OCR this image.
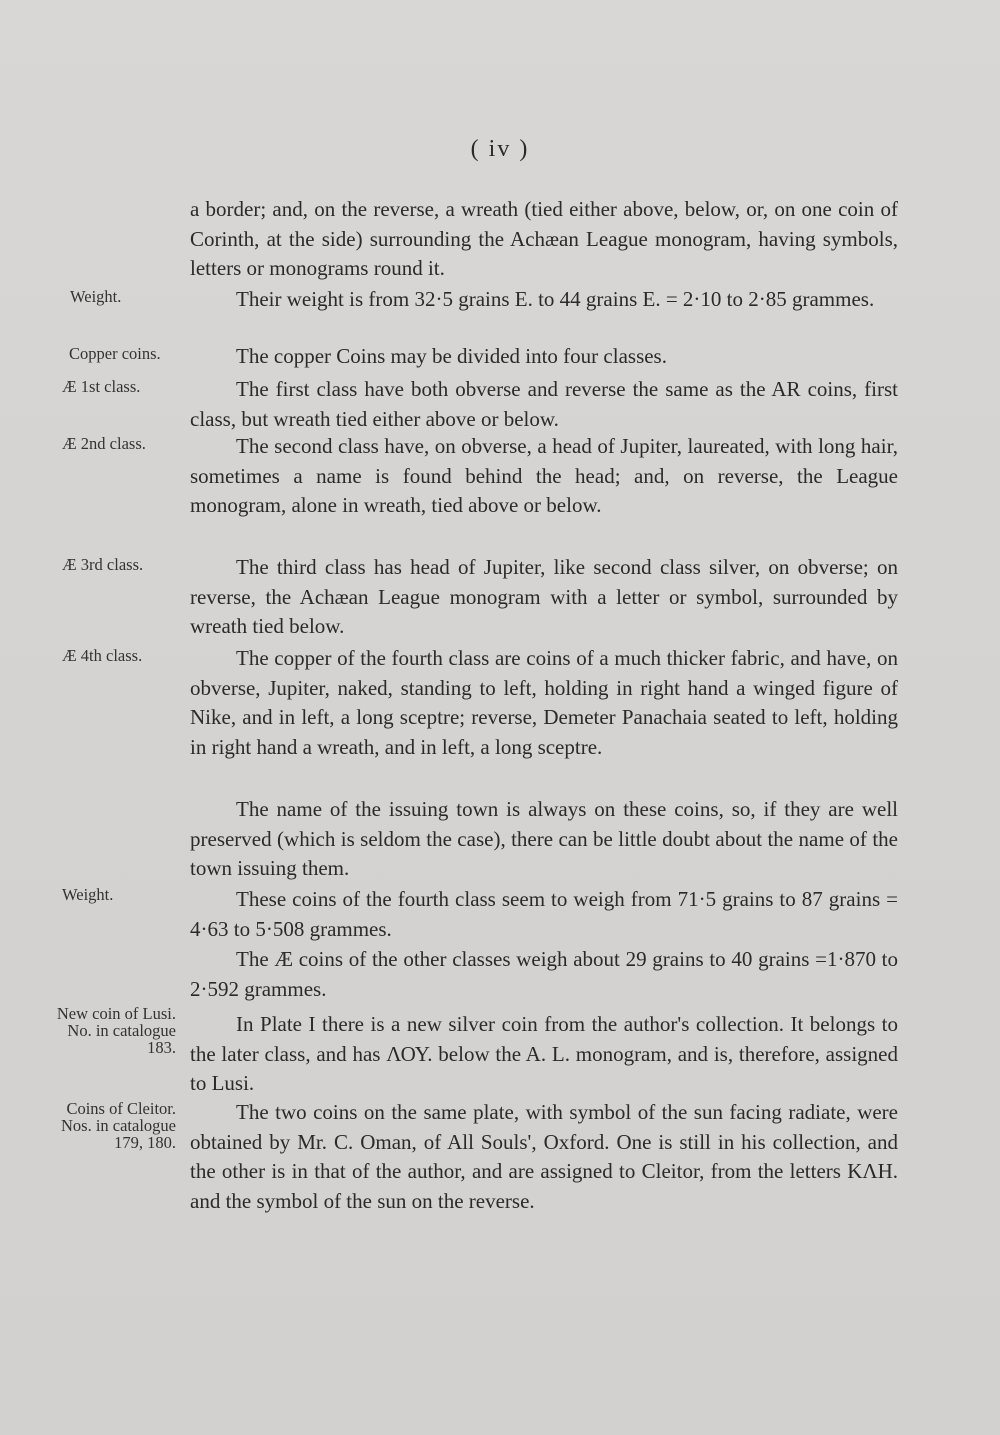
( iv )
Weight.
Copper coins.
Æ 1st class.
Æ 2nd class.
Æ 3rd class.
Æ 4th class.
Weight.
New coin of Lusi. No. in catalogue 183.
Coins of Cleitor. Nos. in catalogue 179, 180.

a border; and, on the reverse, a wreath (tied either above, below, or, on one coin of Corinth, at the side) surrounding the Achæan League monogram, having symbols, letters or monograms round it.

Their weight is from 32·5 grains E. to 44 grains E. = 2·10 to 2·85 grammes.

The copper Coins may be divided into four classes.

The first class have both obverse and reverse the same as the AR coins, first class, but wreath tied either above or below.

The second class have, on obverse, a head of Jupiter, laureated, with long hair, sometimes a name is found behind the head; and, on reverse, the League monogram, alone in wreath, tied above or below.

The third class has head of Jupiter, like second class silver, on obverse; on reverse, the Achæan League monogram with a letter or symbol, surrounded by wreath tied below.

The copper of the fourth class are coins of a much thicker fabric, and have, on obverse, Jupiter, naked, standing to left, holding in right hand a winged figure of Nike, and in left, a long sceptre; reverse, Demeter Panachaia seated to left, holding in right hand a wreath, and in left, a long sceptre.

The name of the issuing town is always on these coins, so, if they are well preserved (which is seldom the case), there can be little doubt about the name of the town issuing them.

These coins of the fourth class seem to weigh from 71·5 grains to 87 grains = 4·63 to 5·508 grammes.

The Æ coins of the other classes weigh about 29 grains to 40 grains =1·870 to 2·592 grammes.

In Plate I there is a new silver coin from the author's collection. It belongs to the later class, and has ΛΟΥ. below the A. L. monogram, and is, therefore, assigned to Lusi.

The two coins on the same plate, with symbol of the sun facing radiate, were obtained by Mr. C. Oman, of All Souls', Oxford. One is still in his collection, and the other is in that of the author, and are assigned to Cleitor, from the letters ΚΛΗ. and the symbol of the sun on the reverse.
